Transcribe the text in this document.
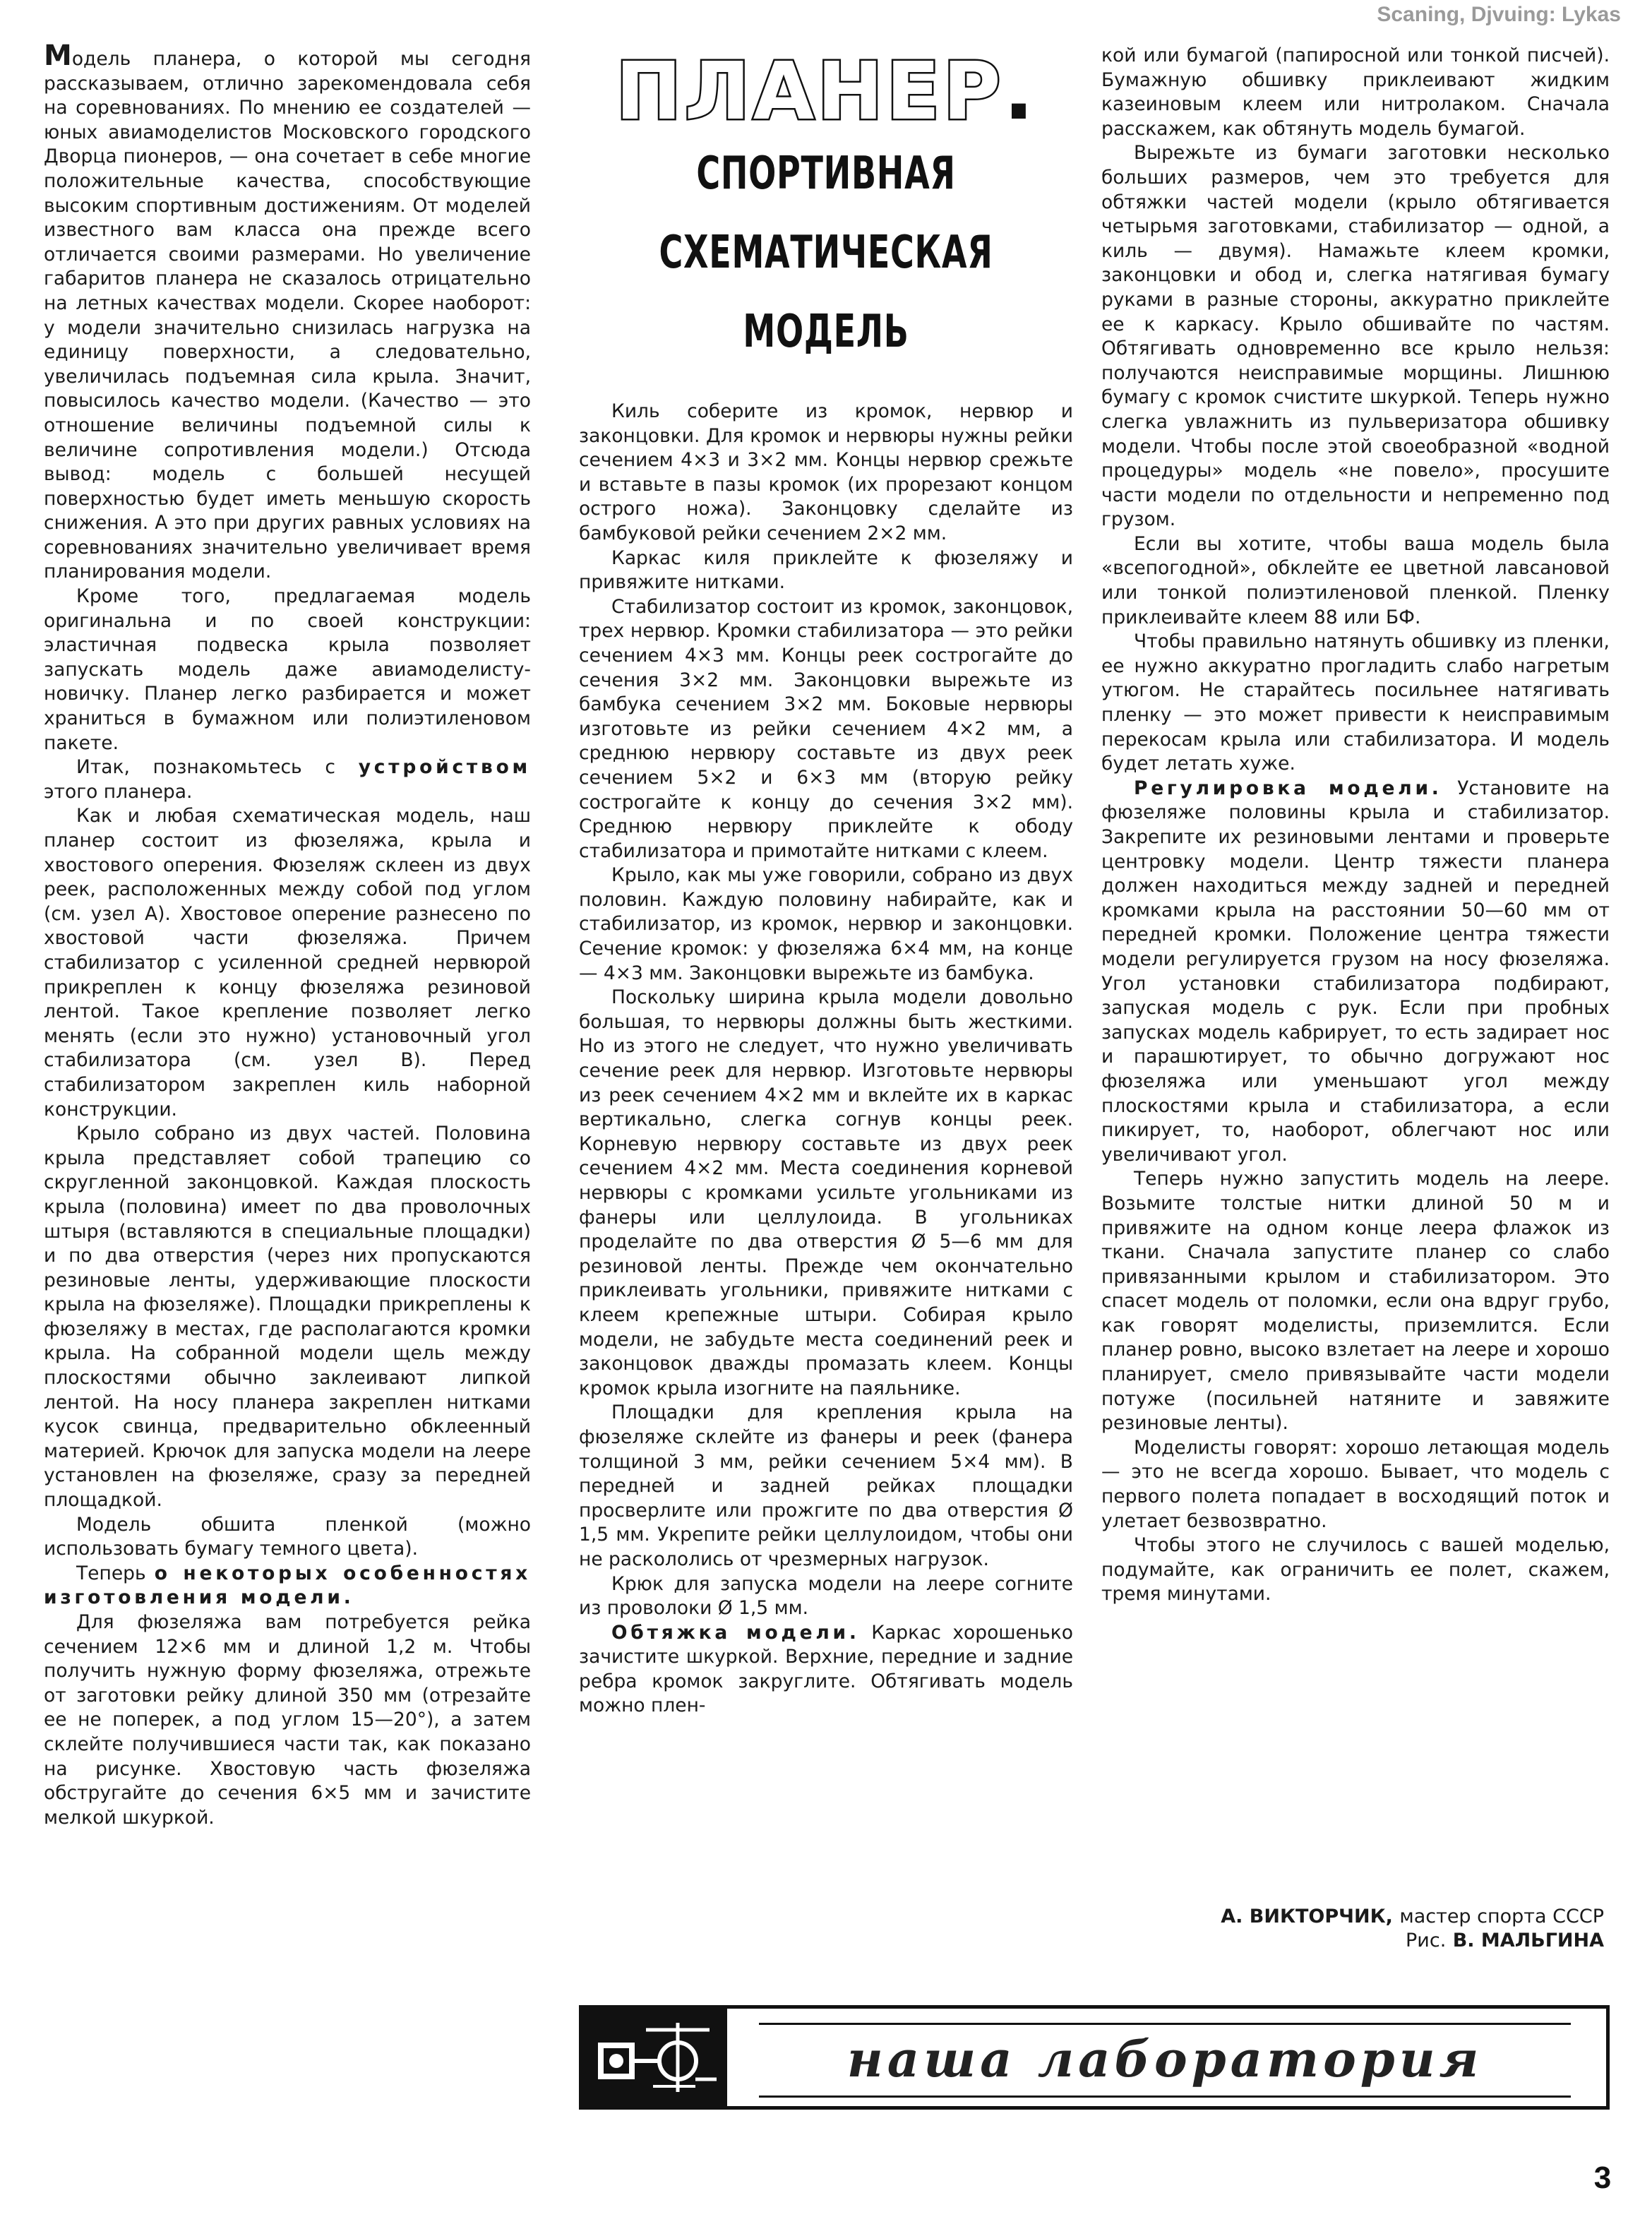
Scaning, Djvuing: Lykas

Модель планера, о которой мы сегодня рассказываем, отлично зарекомендовала себя на соревнованиях. По мнению ее создателей — юных авиамоделистов Московского городского Дворца пионеров, — она сочетает в себе многие положительные качества, способствующие высоким спортивным достижениям. От моделей известного вам класса она прежде всего отличается своими размерами. Но увеличение габаритов планера не сказалось отрицательно на летных качествах модели. Скорее наоборот: у модели значительно снизилась нагрузка на единицу поверхности, а следовательно, увеличилась подъемная сила крыла. Значит, повысилось качество модели. (Качество — это отношение величины подъемной силы к величине сопротивления модели.) Отсюда вывод: модель с большей несущей поверхностью будет иметь меньшую скорость снижения. А это при других равных условиях на соревнованиях значительно увеличивает время планирования модели.

Кроме того, предлагаемая модель оригинальна и по своей конструкции: эластичная подвеска крыла позволяет запускать модель даже авиамоделисту-новичку. Планер легко разбирается и может храниться в бумажном или полиэтиленовом пакете.

Итак, познакомьтесь с устройством этого планера.

Как и любая схематическая модель, наш планер состоит из фюзеляжа, крыла и хвостового оперения. Фюзеляж склеен из двух реек, расположенных между собой под углом (см. узел А). Хвостовое оперение разнесено по хвостовой части фюзеляжа. Причем стабилизатор с усиленной средней нервюрой прикреплен к концу фюзеляжа резиновой лентой. Такое крепление позволяет легко менять (если это нужно) установочный угол стабилизатора (см. узел В). Перед стабилизатором закреплен киль наборной конструкции.

Крыло собрано из двух частей. Половина крыла представляет собой трапецию со скругленной законцовкой. Каждая плоскость крыла (половина) имеет по два проволочных штыря (вставляются в специальные площадки) и по два отверстия (через них пропускаются резиновые ленты, удерживающие плоскости крыла на фюзеляже). Площадки прикреплены к фюзеляжу в местах, где располагаются кромки крыла. На собранной модели щель между плоскостями обычно заклеивают липкой лентой. На носу планера закреплен нитками кусок свинца, предварительно обклеенный материей. Крючок для запуска модели на леере установлен на фюзеляже, сразу за передней площадкой.

Модель обшита пленкой (можно использовать бумагу темного цвета).

Теперь о некоторых особенностях изготовления модели.

Для фюзеляжа вам потребуется рейка сечением 12×6 мм и длиной 1,2 м. Чтобы получить нужную форму фюзеляжа, отрежьте от заготовки рейку длиной 350 мм (отрезайте ее не поперек, а под углом 15—20°), а затем склейте получившиеся части так, как показано на рисунке. Хвостовую часть фюзеляжа обстругайте до сечения 6×5 мм и зачистите мелкой шкуркой.

ПЛАНЕР.
СПОРТИВНАЯ
СХЕМАТИЧЕСКАЯ
МОДЕЛЬ

Киль соберите из кромок, нервюр и законцовки. Для кромок и нервюры нужны рейки сечением 4×3 и 3×2 мм. Концы нервюр срежьте и вставьте в пазы кромок (их прорезают концом острого ножа). Законцовку сделайте из бамбуковой рейки сечением 2×2 мм.

Каркас киля приклейте к фюзеляжу и привяжите нитками.

Стабилизатор состоит из кромок, законцовок, трех нервюр. Кромки стабилизатора — это рейки сечением 4×3 мм. Концы реек сострогайте до сечения 3×2 мм. Законцовки вырежьте из бамбука сечением 3×2 мм. Боковые нервюры изготовьте из рейки сечением 4×2 мм, а среднюю нервюру составьте из двух реек сечением 5×2 и 6×3 мм (вторую рейку сострогайте к концу до сечения 3×2 мм). Среднюю нервюру приклейте к ободу стабилизатора и примотайте нитками с клеем.

Крыло, как мы уже говорили, собрано из двух половин. Каждую половину набирайте, как и стабилизатор, из кромок, нервюр и законцовки. Сечение кромок: у фюзеляжа 6×4 мм, на конце — 4×3 мм. Законцовки вырежьте из бамбука.

Поскольку ширина крыла модели довольно большая, то нервюры должны быть жесткими. Но из этого не следует, что нужно увеличивать сечение реек для нервюр. Изготовьте нервюры из реек сечением 4×2 мм и вклейте их в каркас вертикально, слегка согнув концы реек. Корневую нервюру составьте из двух реек сечением 4×2 мм. Места соединения корневой нервюры с кромками усильте угольниками из фанеры или целлулоида. В угольниках проделайте по два отверстия Ø 5—6 мм для резиновой ленты. Прежде чем окончательно приклеивать угольники, привяжите нитками с клеем крепежные штыри. Собирая крыло модели, не забудьте места соединений реек и законцовок дважды промазать клеем. Концы кромок крыла изогните на паяльнике.

Площадки для крепления крыла на фюзеляже склейте из фанеры и реек (фанера толщиной 3 мм, рейки сечением 5×4 мм). В передней и задней рейках площадки просверлите или прожгите по два отверстия Ø 1,5 мм. Укрепите рейки целлулоидом, чтобы они не раскололись от чрезмерных нагрузок.

Крюк для запуска модели на леере согните из проволоки Ø 1,5 мм.

Обтяжка модели. Каркас хорошенько зачистите шкуркой. Верхние, передние и задние ребра кромок закруглите. Обтягивать модель можно плен-

кой или бумагой (папиросной или тонкой писчей). Бумажную обшивку приклеивают жидким казеиновым клеем или нитролаком. Сначала расскажем, как обтянуть модель бумагой.

Вырежьте из бумаги заготовки несколько больших размеров, чем это требуется для обтяжки частей модели (крыло обтягивается четырьмя заготовками, стабилизатор — одной, а киль — двумя). Намажьте клеем кромки, законцовки и обод и, слегка натягивая бумагу руками в разные стороны, аккуратно приклейте ее к каркасу. Крыло обшивайте по частям. Обтягивать одновременно все крыло нельзя: получаются неисправимые морщины. Лишнюю бумагу с кромок счистите шкуркой. Теперь нужно слегка увлажнить из пульверизатора обшивку модели. Чтобы после этой своеобразной «водной процедуры» модель «не повело», просушите части модели по отдельности и непременно под грузом.

Если вы хотите, чтобы ваша модель была «всепогодной», обклейте ее цветной лавсановой или тонкой полиэтиленовой пленкой. Пленку приклеивайте клеем 88 или БФ.

Чтобы правильно натянуть обшивку из пленки, ее нужно аккуратно прогладить слабо нагретым утюгом. Не старайтесь посильнее натягивать пленку — это может привести к неисправимым перекосам крыла или стабилизатора. И модель будет летать хуже.

Регулировка модели. Установите на фюзеляже половины крыла и стабилизатор. Закрепите их резиновыми лентами и проверьте центровку модели. Центр тяжести планера должен находиться между задней и передней кромками крыла на расстоянии 50—60 мм от передней кромки. Положение центра тяжести модели регулируется грузом на носу фюзеляжа. Угол установки стабилизатора подбирают, запуская модель с рук. Если при пробных запусках модель кабрирует, то есть задирает нос и парашютирует, то обычно догружают нос фюзеляжа или уменьшают угол между плоскостями крыла и стабилизатора, а если пикирует, то, наоборот, облегчают нос или увеличивают угол.

Теперь нужно запустить модель на леере. Возьмите толстые нитки длиной 50 м и привяжите на одном конце леера флажок из ткани. Сначала запустите планер со слабо привязанными крылом и стабилизатором. Это спасет модель от поломки, если она вдруг грубо, как говорят моделисты, приземлится. Если планер ровно, высоко взлетает на леере и хорошо планирует, смело привязывайте части модели потуже (посильней натяните и завяжите резиновые ленты).

Моделисты говорят: хорошо летающая модель — это не всегда хорошо. Бывает, что модель с первого полета попадает в восходящий поток и улетает безвозвратно.

Чтобы этого не случилось с вашей моделью, подумайте, как ограничить ее полет, скажем, тремя минутами.

А. ВИКТОРЧИК, мастер спорта СССР
Рис. В. МАЛЬГИНА
наша лаборатория
3
